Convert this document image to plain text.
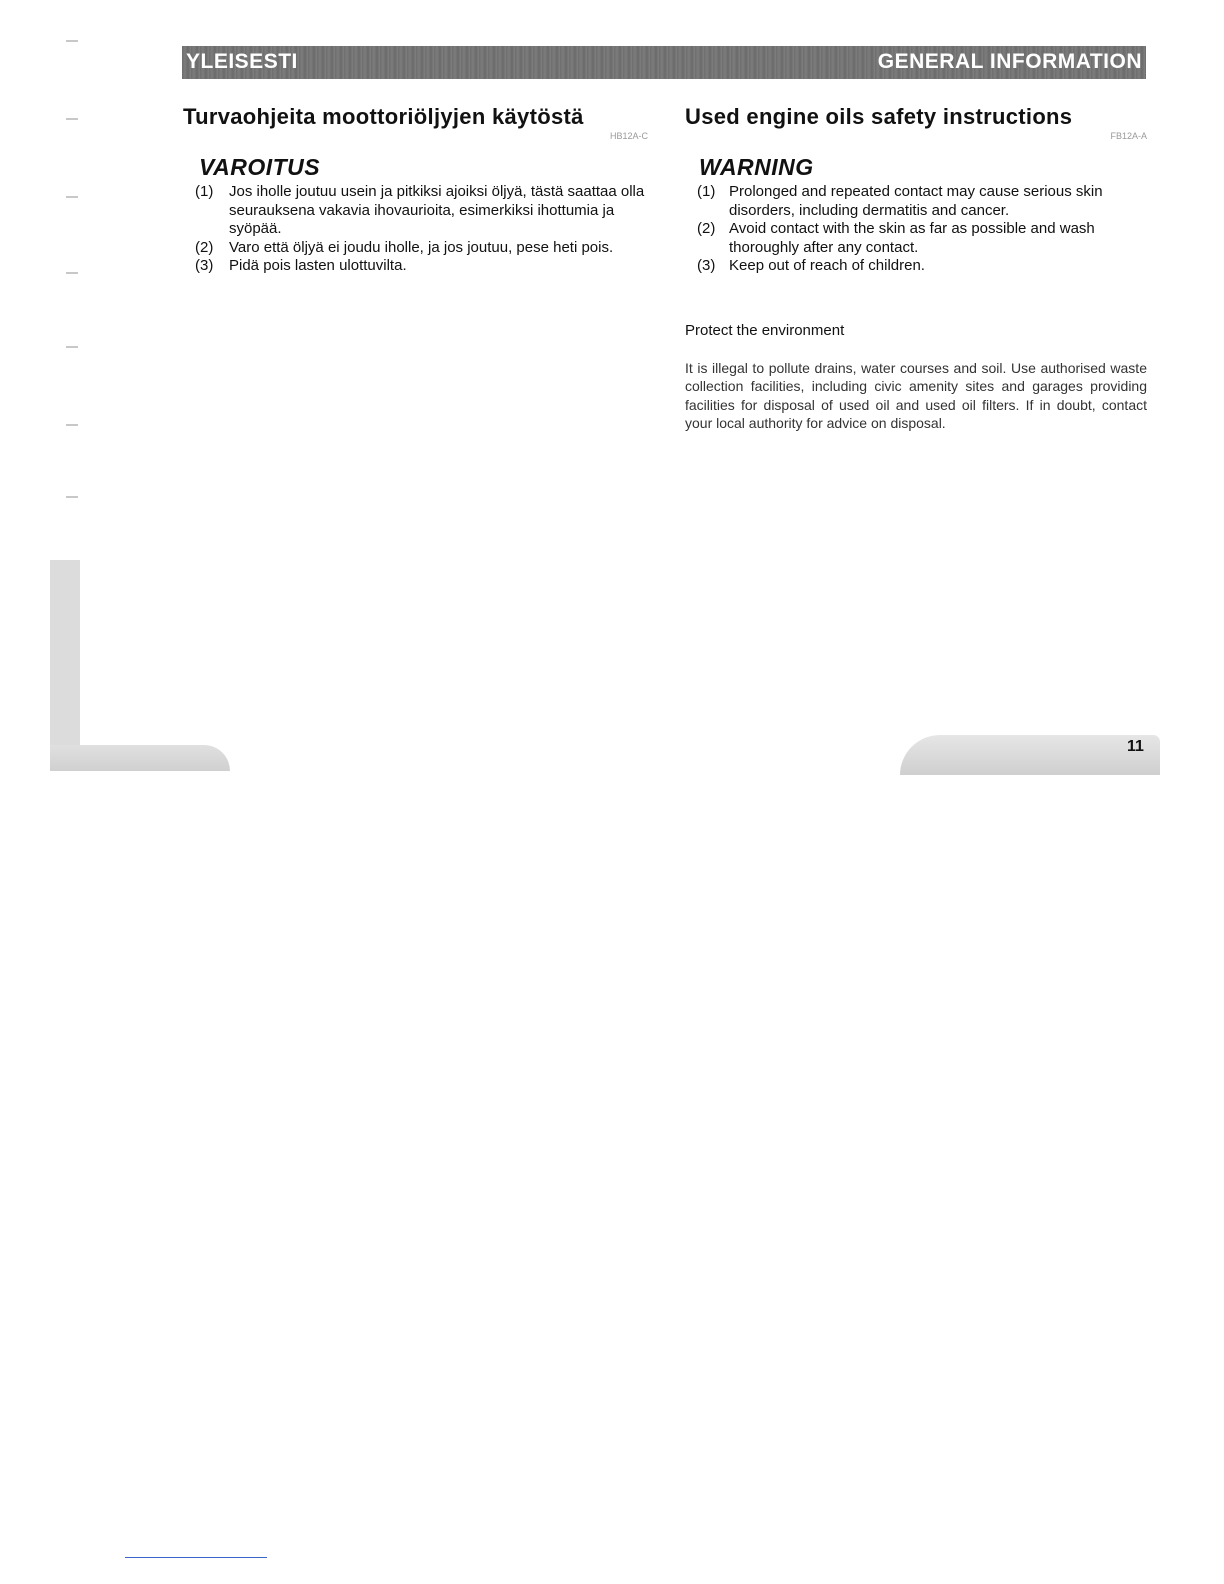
YLEISESTI	GENERAL INFORMATION
Turvaohjeita moottoriöljyjen käytöstä
HB12A-C
VAROITUS
(1) Jos iholle joutuu usein ja pitkiksi ajoiksi öljyä, tästä saattaa olla seurauksena vakavia ihovaurioita, esimerkiksi ihottumia ja syöpää.
(2) Varo että öljyä ei joudu iholle, ja jos joutuu, pese heti pois.
(3) Pidä pois lasten ulottuvilta.
Used engine oils safety instructions
FB12A-A
WARNING
(1) Prolonged and repeated contact may cause serious skin disorders, including dermatitis and cancer.
(2) Avoid contact with the skin as far as possible and wash thoroughly after any contact.
(3) Keep out of reach of children.

Protect the environment

It is illegal to pollute drains, water courses and soil. Use authorised waste collection facilities, including civic amenity sites and garages providing facilities for disposal of used oil and used oil filters. If in doubt, contact your local authority for advice on disposal.

11
